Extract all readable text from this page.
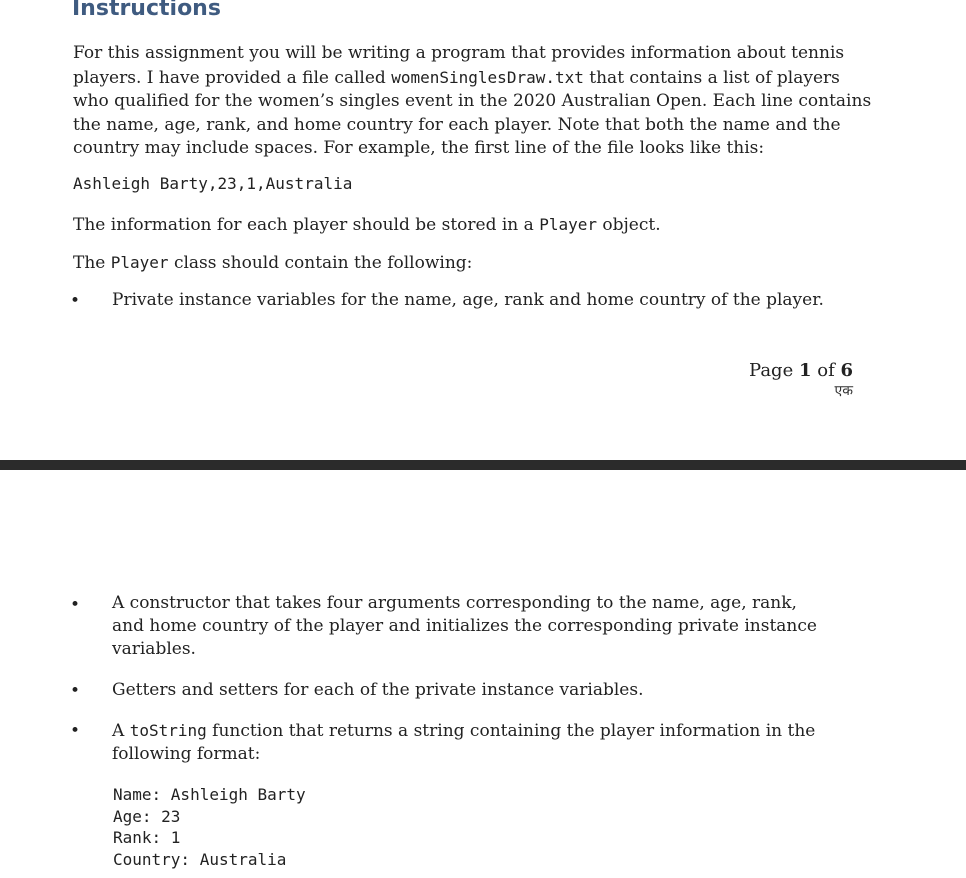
Instructions

For this assignment you will be writing a program that provides information about tennis players. I have provided a file called womenSinglesDraw.txt that contains a list of players who qualified for the women’s singles event in the 2020 Australian Open. Each line contains the name, age, rank, and home country for each player. Note that both the name and the country may include spaces. For example, the first line of the file looks like this:

Ashleigh Barty,23,1,Australia

The information for each player should be stored in a Player object.

The Player class should contain the following:

• Private instance variables for the name, age, rank and home country of the player.

Page 1 of 6
एक
• A constructor that takes four arguments corresponding to the name, age, rank, and home country of the player and initializes the corresponding private instance variables.

• Getters and setters for each of the private instance variables.

• A toString function that returns a string containing the player information in the following format:

Name: Ashleigh Barty
Age: 23
Rank: 1
Country: Australia
